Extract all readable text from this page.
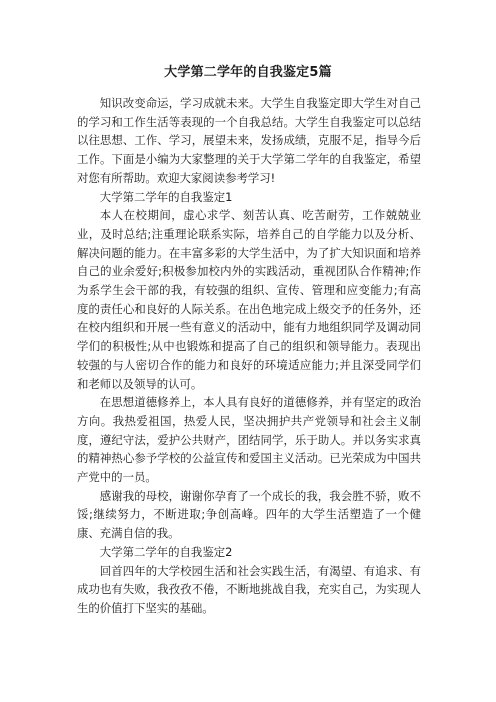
大学第二学年的自我鉴定5篇

知识改变命运，学习成就未来。大学生自我鉴定即大学生对自己的学习和工作生活等表现的一个自我总结。大学生自我鉴定可以总结以往思想、工作、学习，展望未来，发扬成绩，克服不足，指导今后工作。下面是小编为大家整理的关于大学第二学年的自我鉴定，希望对您有所帮助。欢迎大家阅读参考学习!

大学第二学年的自我鉴定1

本人在校期间，虚心求学、刻苦认真、吃苦耐劳，工作兢兢业业，及时总结;注重理论联系实际，培养自己的自学能力以及分析、解决问题的能力。在丰富多彩的大学生活中，为了扩大知识面和培养自己的业余爱好;积极参加校内外的实践活动，重视团队合作精神;作为系学生会干部的我，有较强的组织、宣传、管理和应变能力;有高度的责任心和良好的人际关系。在出色地完成上级交予的任务外，还在校内组织和开展一些有意义的活动中，能有力地组织同学及调动同学们的积极性;从中也锻炼和提高了自己的组织和领导能力。表现出较强的与人密切合作的能力和良好的环境适应能力;并且深受同学们和老师以及领导的认可。

在思想道德修养上，本人具有良好的道德修养，并有坚定的政治方向。我热爱祖国，热爱人民，坚决拥护共产党领导和社会主义制度，遵纪守法，爱护公共财产，团结同学，乐于助人。并以务实求真的精神热心参予学校的公益宣传和爱国主义活动。已光荣成为中国共产党中的一员。

感谢我的母校，谢谢你孕育了一个成长的我，我会胜不骄，败不馁;继续努力，不断进取;争创高峰。四年的大学生活塑造了一个健康、充满自信的我。

大学第二学年的自我鉴定2

回首四年的大学校园生活和社会实践生活，有渴望、有追求、有成功也有失败，我孜孜不倦，不断地挑战自我，充实自己，为实现人生的价值打下坚实的基础。
